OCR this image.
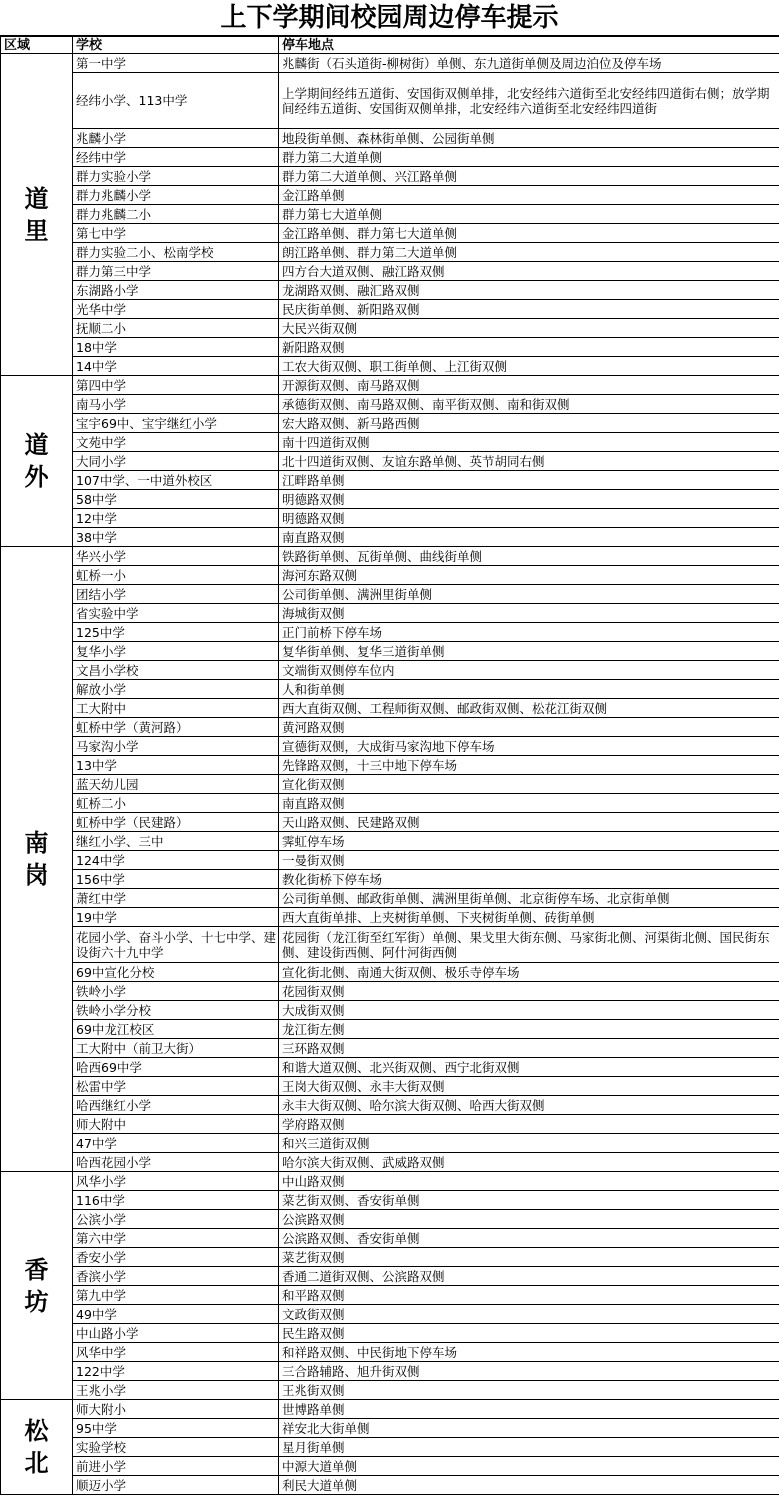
上下学期间校园周边停车提示
区域	学校	停车地点
道里	第一中学	兆麟街（石头道街-柳树街）单侧、东九道街单侧及周边泊位及停车场
	经纬小学、113中学	上学期间经纬五道街、安国街双侧单排，北安经纬六道街至北安经纬四道街右侧；放学期间经纬五道街、安国街双侧单排，北安经纬六道街至北安经纬四道街
	兆麟小学	地段街单侧、森林街单侧、公园街单侧
	经纬中学	群力第二大道单侧
	群力实验小学	群力第二大道单侧、兴江路单侧
	群力兆麟小学	金江路单侧
	群力兆麟二小	群力第七大道单侧
	第七中学	金江路单侧、群力第七大道单侧
	群力实验二小、松南学校	朗江路单侧、群力第二大道单侧
	群力第三中学	四方台大道双侧、融江路双侧
	东湖路小学	龙湖路双侧、融汇路双侧
	光华中学	民庆街单侧、新阳路双侧
	抚顺二小	大民兴街双侧
	18中学	新阳路双侧
	14中学	工农大街双侧、职工街单侧、上江街双侧
道外	第四中学	开源街双侧、南马路双侧
	南马小学	承德街双侧、南马路双侧、南平街双侧、南和街双侧
	宝宇69中、宝宇继红小学	宏大路双侧、新马路西侧
	文苑中学	南十四道街双侧
	大同小学	北十四道街双侧、友谊东路单侧、英节胡同右侧
	107中学、一中道外校区	江畔路单侧
	58中学	明德路双侧
	12中学	明德路双侧
	38中学	南直路双侧
南岗	华兴小学	铁路街单侧、瓦街单侧、曲线街单侧
	虹桥一小	海河东路双侧
	团结小学	公司街单侧、满洲里街单侧
	省实验中学	海城街双侧
	125中学	正门前桥下停车场
	复华小学	复华街单侧、复华三道街单侧
	文昌小学校	文端街双侧停车位内
	解放小学	人和街单侧
	工大附中	西大直街双侧、工程师街双侧、邮政街双侧、松花江街双侧
	虹桥中学（黄河路）	黄河路双侧
	马家沟小学	宣德街双侧，大成街马家沟地下停车场
	13中学	先锋路双侧，十三中地下停车场
	蓝天幼儿园	宣化街双侧
	虹桥二小	南直路双侧
	虹桥中学（民建路）	天山路双侧、民建路双侧
	继红小学、三中	霁虹停车场
	124中学	一曼街双侧
	156中学	教化街桥下停车场
	萧红中学	公司街单侧、邮政街单侧、满洲里街单侧、北京街停车场、北京街单侧
	19中学	西大直街单排、上夹树街单侧、下夹树街单侧、砖街单侧
	花园小学、奋斗小学、十七中学、建设街六十九中学	花园街（龙江街至红军街）单侧、果戈里大街东侧、马家街北侧、河渠街北侧、国民街东侧、建设街西侧、阿什河街西侧
	69中宣化分校	宣化街北侧、南通大街双侧、极乐寺停车场
	铁岭小学	花园街双侧
	铁岭小学分校	大成街双侧
	69中龙江校区	龙江街左侧
	工大附中（前卫大街）	三环路双侧
	哈西69中学	和谐大道双侧、北兴街双侧、西宁北街双侧
	松雷中学	王岗大街双侧、永丰大街双侧
	哈西继红小学	永丰大街双侧、哈尔滨大街双侧、哈西大街双侧
	师大附中	学府路双侧
	47中学	和兴三道街双侧
	哈西花园小学	哈尔滨大街双侧、武威路双侧
香坊	风华小学	中山路双侧
	116中学	菜艺街双侧、香安街单侧
	公滨小学	公滨路双侧
	第六中学	公滨路双侧、香安街单侧
	香安小学	菜艺街双侧
	香滨小学	香通二道街双侧、公滨路双侧
	第九中学	和平路双侧
	49中学	文政街双侧
	中山路小学	民生路双侧
	风华中学	和祥路双侧、中民街地下停车场
	122中学	三合路辅路、旭升街双侧
	王兆小学	王兆街双侧
松北	师大附小	世博路单侧
	95中学	祥安北大街单侧
	实验学校	星月街单侧
	前进小学	中源大道单侧
	顺迈小学	利民大道单侧
